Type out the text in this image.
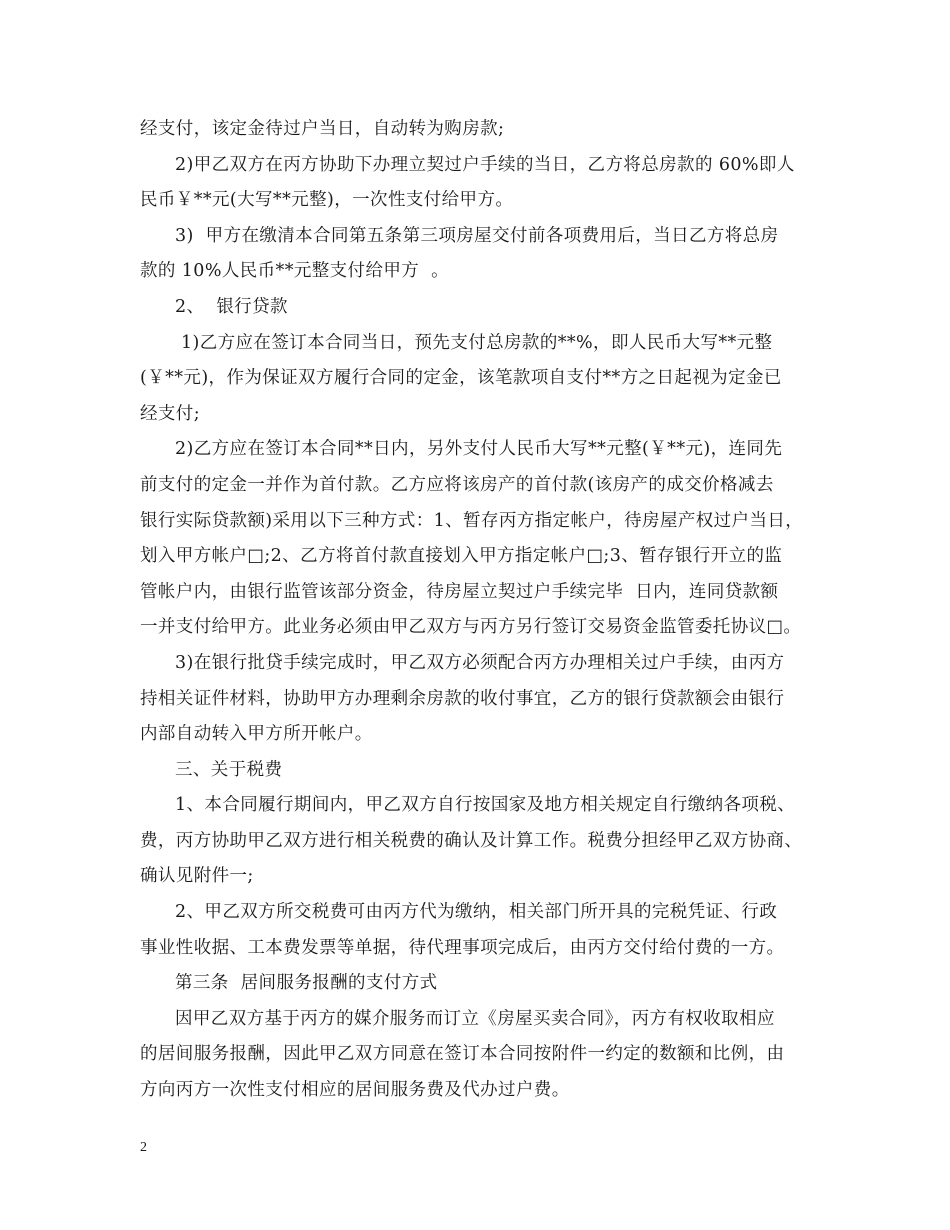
经支付，该定金待过户当日，自动转为购房款;
2)甲乙双方在丙方协助下办理立契过户手续的当日，乙方将总房款的 60%即人
民币￥**元(大写**元整)，一次性支付给甲方。
3)  甲方在缴清本合同第五条第三项房屋交付前各项费用后，当日乙方将总房
款的 10%人民币**元整支付给甲方  。
2、  银行贷款
1)乙方应在签订本合同当日，预先支付总房款的**%，即人民币大写**元整
(￥**元)，作为保证双方履行合同的定金，该笔款项自支付**方之日起视为定金已
经支付;
2)乙方应在签订本合同**日内，另外支付人民币大写**元整(￥**元)，连同先
前支付的定金一并作为首付款。乙方应将该房产的首付款(该房产的成交价格减去
银行实际贷款额)采用以下三种方式：1、暂存丙方指定帐户，待房屋产权过户当日，
划入甲方帐户□;2、乙方将首付款直接划入甲方指定帐户□;3、暂存银行开立的监
管帐户内，由银行监管该部分资金，待房屋立契过户手续完毕  日内，连同贷款额
一并支付给甲方。此业务必须由甲乙双方与丙方另行签订交易资金监管委托协议□。
3)在银行批贷手续完成时，甲乙双方必须配合丙方办理相关过户手续，由丙方
持相关证件材料，协助甲方办理剩余房款的收付事宜，乙方的银行贷款额会由银行
内部自动转入甲方所开帐户。
三、关于税费
1、本合同履行期间内，甲乙双方自行按国家及地方相关规定自行缴纳各项税、
费，丙方协助甲乙双方进行相关税费的确认及计算工作。税费分担经甲乙双方协商、
确认见附件一;
2、甲乙双方所交税费可由丙方代为缴纳，相关部门所开具的完税凭证、行政
事业性收据、工本费发票等单据，待代理事项完成后，由丙方交付给付费的一方。
第三条  居间服务报酬的支付方式
因甲乙双方基于丙方的媒介服务而订立《房屋买卖合同》，丙方有权收取相应
的居间服务报酬，因此甲乙双方同意在签订本合同按附件一约定的数额和比例，由
方向丙方一次性支付相应的居间服务费及代办过户费。
2
